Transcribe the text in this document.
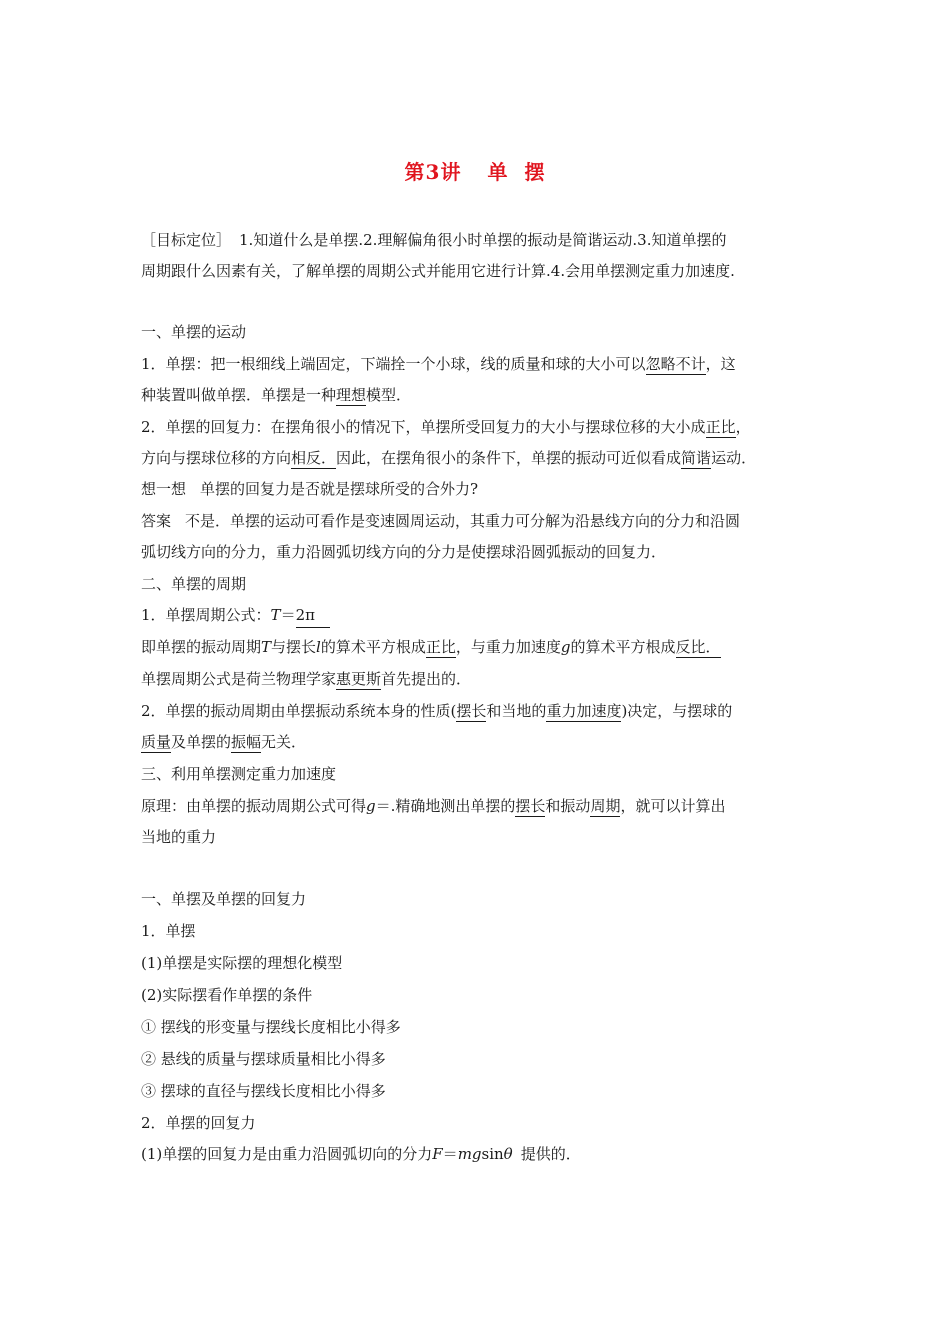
第3讲 单 摆
［目标定位］ 1.知道什么是单摆.2.理解偏角很小时单摆的振动是简谐运动.3.知道单摆的
周期跟什么因素有关，了解单摆的周期公式并能用它进行计算.4.会用单摆测定重力加速度.
一、单摆的运动
1．单摆：把一根细线上端固定，下端拴一个小球，线的质量和球的大小可以忽略不计，这
种装置叫做单摆．单摆是一种理想模型．
2．单摆的回复力：在摆角很小的情况下，单摆所受回复力的大小与摆球位移的大小成正比，
方向与摆球位移的方向相反．因此，在摆角很小的条件下，单摆的振动可近似看成简谐运动．
想一想 单摆的回复力是否就是摆球所受的合外力?
答案 不是．单摆的运动可看作是变速圆周运动，其重力可分解为沿悬线方向的分力和沿圆
弧切线方向的分力，重力沿圆弧切线方向的分力是使摆球沿圆弧振动的回复力．
二、单摆的周期
1．单摆周期公式：T＝2π
即单摆的振动周期T与摆长l的算术平方根成正比，与重力加速度g的算术平方根成反比．
单摆周期公式是荷兰物理学家惠更斯首先提出的．
2．单摆的振动周期由单摆振动系统本身的性质(摆长和当地的重力加速度)决定，与摆球的
质量及单摆的振幅无关．
三、利用单摆测定重力加速度
原理：由单摆的振动周期公式可得g＝.精确地测出单摆的摆长和振动周期，就可以计算出
当地的重力
一、单摆及单摆的回复力
1．单摆
(1)单摆是实际摆的理想化模型
(2)实际摆看作单摆的条件
① 摆线的形变量与摆线长度相比小得多
② 悬线的质量与摆球质量相比小得多
③ 摆球的直径与摆线长度相比小得多
2．单摆的回复力
(1)单摆的回复力是由重力沿圆弧切向的分力F＝mgsinθ 提供的．
